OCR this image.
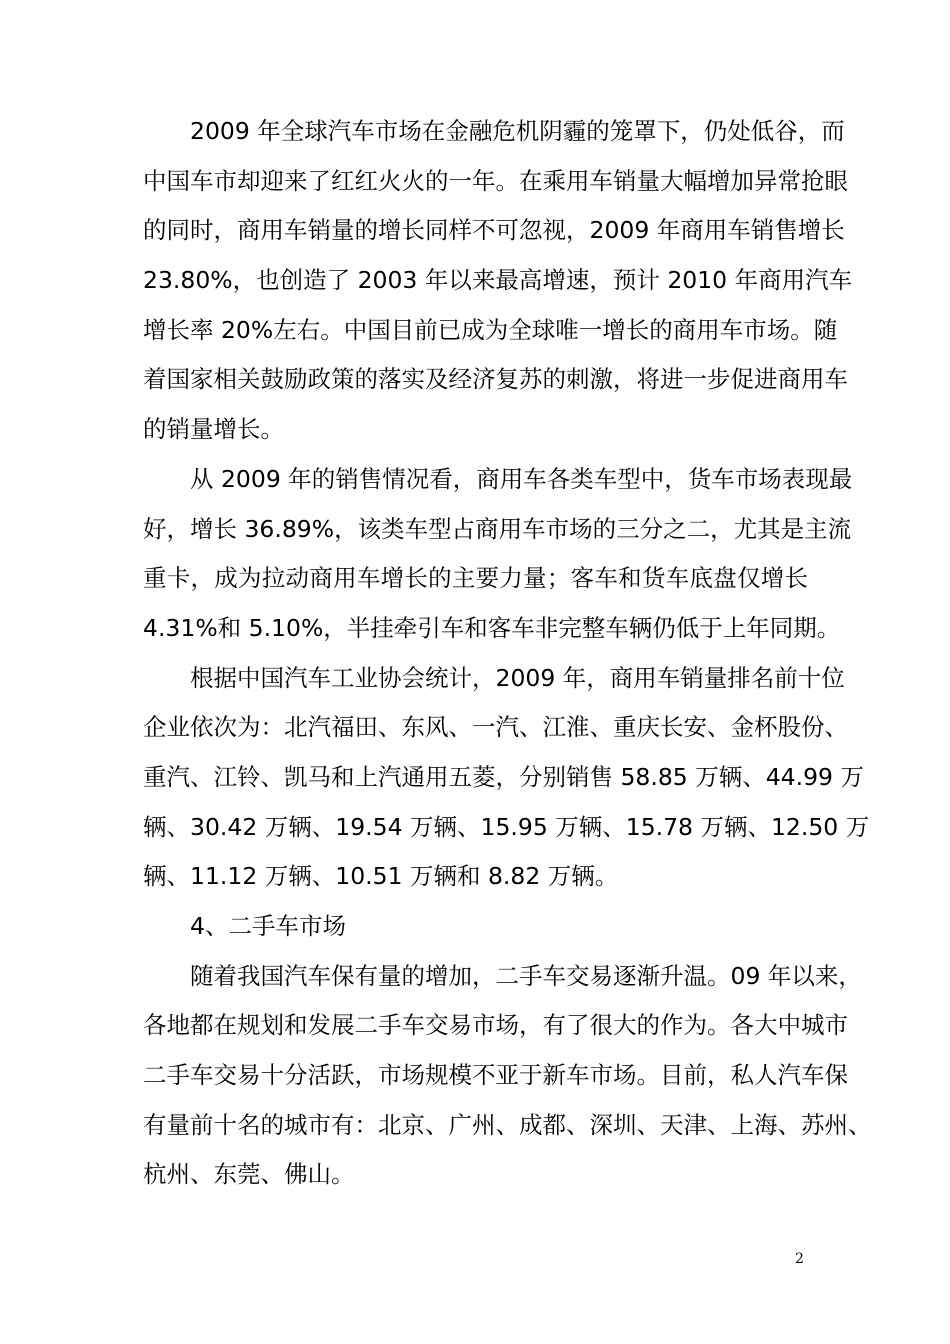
2009 年全球汽车市场在金融危机阴霾的笼罩下，仍处低谷，而
中国车市却迎来了红红火火的一年。在乘用车销量大幅增加异常抢眼
的同时，商用车销量的增长同样不可忽视，2009 年商用车销售增长
23.80%，也创造了 2003 年以来最高增速，预计 2010 年商用汽车
增长率 20%左右。中国目前已成为全球唯一增长的商用车市场。随
着国家相关鼓励政策的落实及经济复苏的刺激，将进一步促进商用车
的销量增长。
从 2009 年的销售情况看，商用车各类车型中，货车市场表现最
好，增长 36.89%，该类车型占商用车市场的三分之二，尤其是主流
重卡，成为拉动商用车增长的主要力量；客车和货车底盘仅增长
4.31%和 5.10%，半挂牵引车和客车非完整车辆仍低于上年同期。
根据中国汽车工业协会统计，2009 年，商用车销量排名前十位
企业依次为：北汽福田、东风、一汽、江淮、重庆长安、金杯股份、
重汽、江铃、凯马和上汽通用五菱，分别销售 58.85 万辆、44.99 万
辆、30.42 万辆、19.54 万辆、15.95 万辆、15.78 万辆、12.50 万
辆、11.12 万辆、10.51 万辆和 8.82 万辆。
4、二手车市场
随着我国汽车保有量的增加，二手车交易逐渐升温。09 年以来，
各地都在规划和发展二手车交易市场，有了很大的作为。各大中城市
二手车交易十分活跃，市场规模不亚于新车市场。目前，私人汽车保
有量前十名的城市有：北京、广州、成都、深圳、天津、上海、苏州、
杭州、东莞、佛山。
2
